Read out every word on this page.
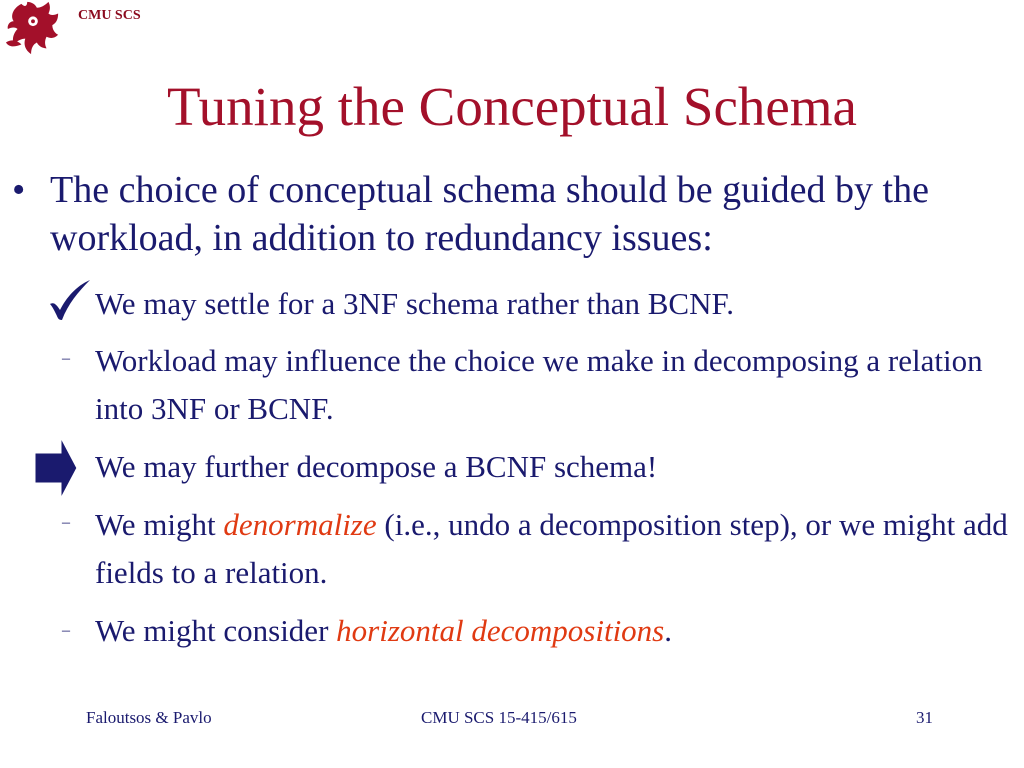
CMU SCS
Tuning the Conceptual Schema
• The choice of conceptual schema should be guided by the workload, in addition to redundancy issues:
We may settle for a 3NF schema rather than BCNF.
– Workload may influence the choice we make in decomposing a relation into 3NF or BCNF.
We may further decompose a BCNF schema!
– We might denormalize (i.e., undo a decomposition step), or we might add fields to a relation.
– We might consider horizontal decompositions.
Faloutsos & Pavlo	CMU SCS 15-415/615	31
